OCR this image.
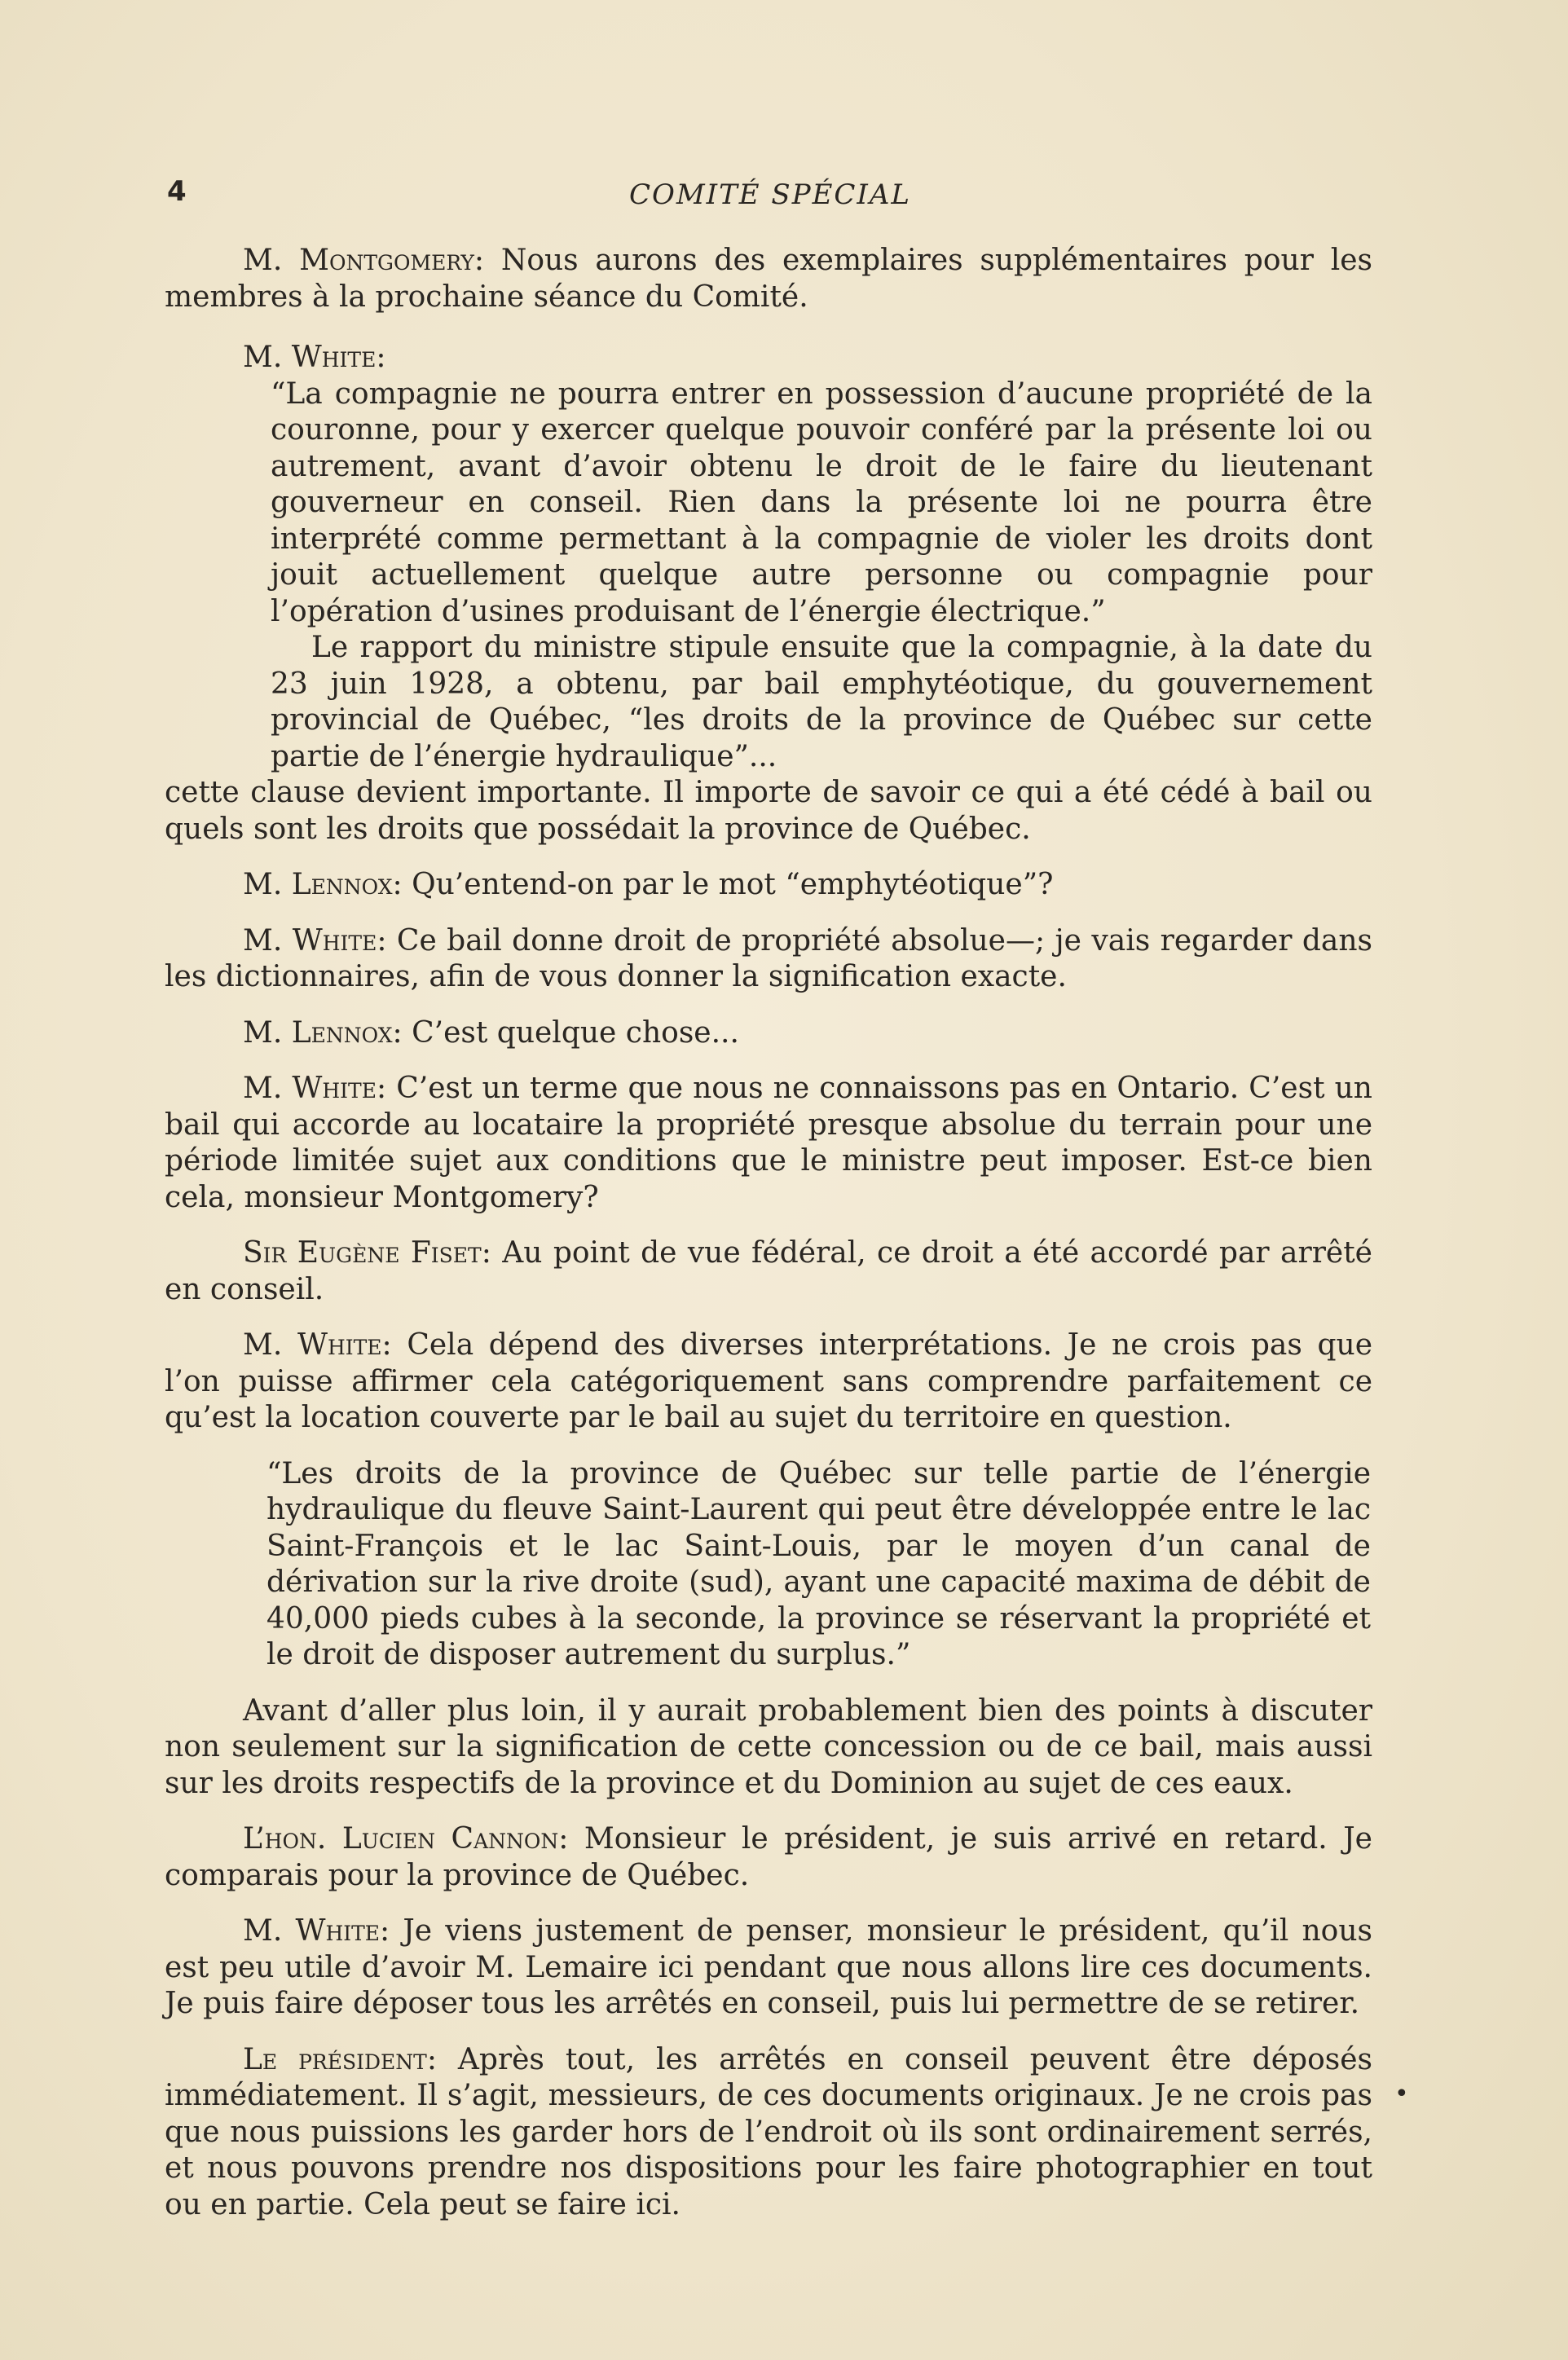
4	COMITÉ SPÉCIAL

M. Montgomery: Nous aurons des exemplaires supplémentaires pour les membres à la prochaine séance du Comité.

M. White:

“La compagnie ne pourra entrer en possession d’aucune propriété de la couronne, pour y exercer quelque pouvoir conféré par la présente loi ou autrement, avant d’avoir obtenu le droit de le faire du lieutenant gouverneur en conseil. Rien dans la présente loi ne pourra être interprété comme permettant à la compagnie de violer les droits dont jouit actuellement quelque autre personne ou compagnie pour l’opération d’usines produisant de l’énergie électrique.”

Le rapport du ministre stipule ensuite que la compagnie, à la date du 23 juin 1928, a obtenu, par bail emphytéotique, du gouvernement provincial de Québec, “les droits de la province de Québec sur cette partie de l’énergie hydraulique”...

cette clause devient importante. Il importe de savoir ce qui a été cédé à bail ou quels sont les droits que possédait la province de Québec.

M. Lennox: Qu’entend-on par le mot “emphytéotique”?

M. White: Ce bail donne droit de propriété absolue—; je vais regarder dans les dictionnaires, afin de vous donner la signification exacte.

M. Lennox: C’est quelque chose...

M. White: C’est un terme que nous ne connaissons pas en Ontario. C’est un bail qui accorde au locataire la propriété presque absolue du terrain pour une période limitée sujet aux conditions que le ministre peut imposer. Est-ce bien cela, monsieur Montgomery?

Sir Eugène Fiset: Au point de vue fédéral, ce droit a été accordé par arrêté en conseil.

M. White: Cela dépend des diverses interprétations. Je ne crois pas que l’on puisse affirmer cela catégoriquement sans comprendre parfaitement ce qu’est la location couverte par le bail au sujet du territoire en question.

“Les droits de la province de Québec sur telle partie de l’énergie hydraulique du fleuve Saint-Laurent qui peut être développée entre le lac Saint-François et le lac Saint-Louis, par le moyen d’un canal de dérivation sur la rive droite (sud), ayant une capacité maxima de débit de 40,000 pieds cubes à la seconde, la province se réservant la propriété et le droit de disposer autrement du surplus.”

Avant d’aller plus loin, il y aurait probablement bien des points à discuter non seulement sur la signification de cette concession ou de ce bail, mais aussi sur les droits respectifs de la province et du Dominion au sujet de ces eaux.

L’hon. Lucien Cannon: Monsieur le président, je suis arrivé en retard. Je comparais pour la province de Québec.

M. White: Je viens justement de penser, monsieur le président, qu’il nous est peu utile d’avoir M. Lemaire ici pendant que nous allons lire ces documents. Je puis faire déposer tous les arrêtés en conseil, puis lui permettre de se retirer.

Le président: Après tout, les arrêtés en conseil peuvent être déposés immédiatement. Il s’agit, messieurs, de ces documents originaux. Je ne crois pas que nous puissions les garder hors de l’endroit où ils sont ordinairement serrés, et nous pouvons prendre nos dispositions pour les faire photographier en tout ou en partie. Cela peut se faire ici.

•
